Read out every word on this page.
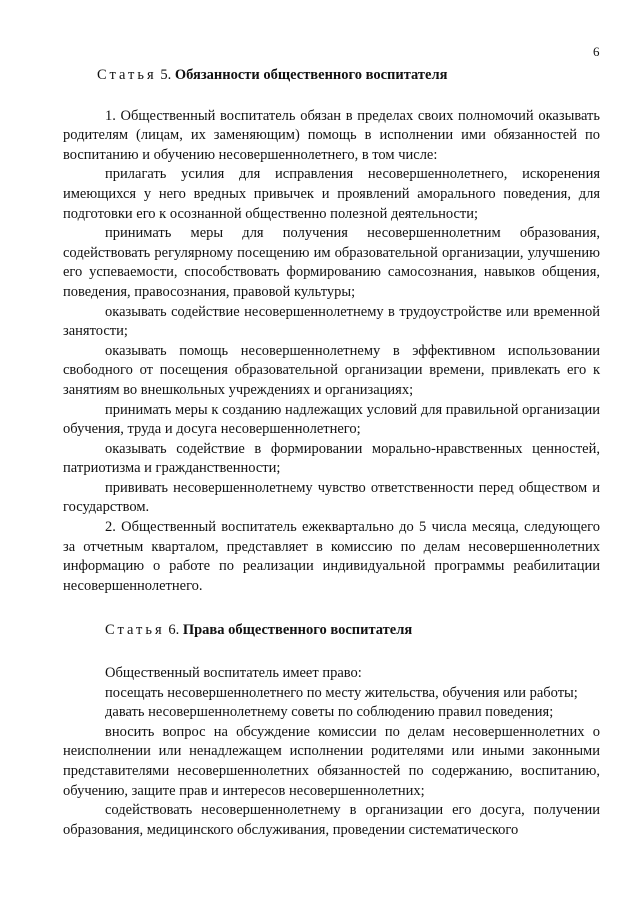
6
Статья 5. Обязанности общественного воспитателя

1. Общественный воспитатель обязан в пределах своих полномочий оказывать родителям (лицам, их заменяющим) помощь в исполнении ими обязанностей по воспитанию и обучению несовершеннолетнего, в том числе:

прилагать усилия для исправления несовершеннолетнего, искоренения имеющихся у него вредных привычек и проявлений аморального поведения, для подготовки его к осознанной общественно полезной деятельности;

принимать меры для получения несовершеннолетним образования, содействовать регулярному посещению им образовательной организации, улучшению его успеваемости, способствовать формированию самосознания, навыков общения, поведения, правосознания, правовой культуры;

оказывать содействие несовершеннолетнему в трудоустройстве или временной занятости;

оказывать помощь несовершеннолетнему в эффективном использовании свободного от посещения образовательной организации времени, привлекать его к занятиям во внешкольных учреждениях и организациях;

принимать меры к созданию надлежащих условий для правильной организации обучения, труда и досуга несовершеннолетнего;

оказывать содействие в формировании морально-нравственных ценностей, патриотизма и гражданственности;

прививать несовершеннолетнему чувство ответственности перед обществом и государством.

2. Общественный воспитатель ежеквартально до 5 числа месяца, следующего за отчетным кварталом, представляет в комиссию по делам несовершеннолетних информацию о работе по реализации индивидуальной программы реабилитации несовершеннолетнего.

Статья 6. Права общественного воспитателя

Общественный воспитатель имеет право:

посещать несовершеннолетнего по месту жительства, обучения или работы;

давать несовершеннолетнему советы по соблюдению правил поведения;

вносить вопрос на обсуждение комиссии по делам несовершеннолетних о неисполнении или ненадлежащем исполнении родителями или иными законными представителями несовершеннолетних обязанностей по содержанию, воспитанию, обучению, защите прав и интересов несовершеннолетних;

содействовать несовершеннолетнему в организации его досуга, получении образования, медицинского обслуживания, проведении систематического
